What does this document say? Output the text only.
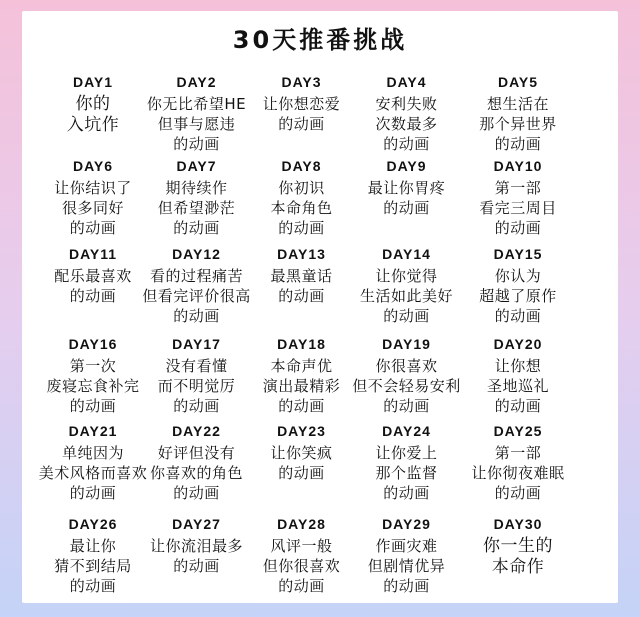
30天推番挑战
DAY1
你的
入坑作
DAY2
你无比希望HE
但事与愿违
的动画
DAY3
让你想恋爱
的动画
DAY4
安利失败
次数最多
的动画
DAY5
想生活在
那个异世界
的动画
DAY6
让你结识了
很多同好
的动画
DAY7
期待续作
但希望渺茫
的动画
DAY8
你初识
本命角色
的动画
DAY9
最让你胃疼
的动画
DAY10
第一部
看完三周目
的动画
DAY11
配乐最喜欢
的动画
DAY12
看的过程痛苦
但看完评价很高
的动画
DAY13
最黑童话
的动画
DAY14
让你觉得
生活如此美好
的动画
DAY15
你认为
超越了原作
的动画
DAY16
第一次
废寝忘食补完
的动画
DAY17
没有看懂
而不明觉厉
的动画
DAY18
本命声优
演出最精彩
的动画
DAY19
你很喜欢
但不会轻易安利
的动画
DAY20
让你想
圣地巡礼
的动画
DAY21
单纯因为
美术风格而喜欢
的动画
DAY22
好评但没有
你喜欢的角色
的动画
DAY23
让你笑疯
的动画
DAY24
让你爱上
那个监督
的动画
DAY25
第一部
让你彻夜难眠
的动画
DAY26
最让你
猜不到结局
的动画
DAY27
让你流泪最多
的动画
DAY28
风评一般
但你很喜欢
的动画
DAY29
作画灾难
但剧情优异
的动画
DAY30
你一生的
本命作
